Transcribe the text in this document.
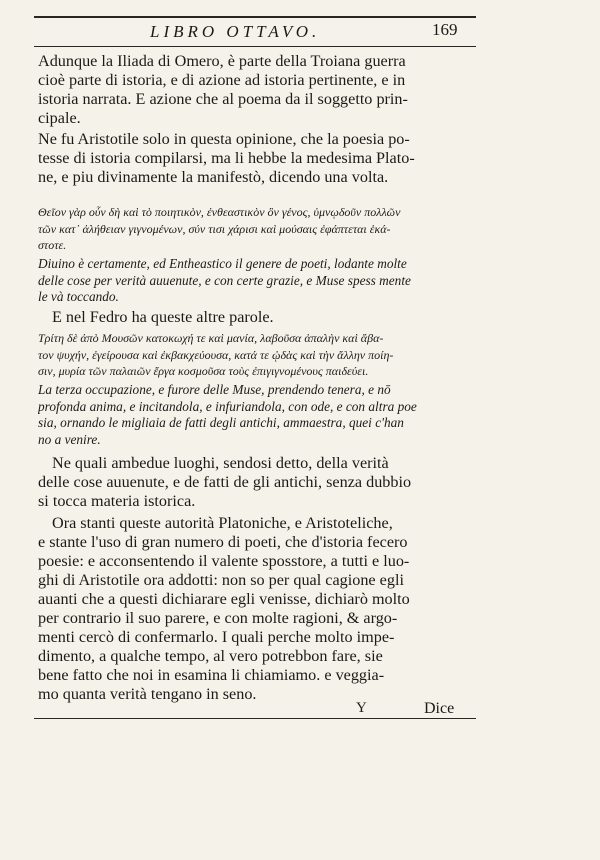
LIBRO OTTAVO.	169
Adunque la Iliada di Omero, è parte della Troiana guerra
cioè parte di istoria, e di azione ad istoria pertinente, e in
istoria narrata. E azione che al poema da il soggetto prin-
cipale.
Ne fu Aristotile solo in questa opinione, che la poesia po-
tesse di istoria compilarsi, ma li hebbe la medesima Plato-
ne, e piu divinamente la manifestò, dicendo una volta.
Θεῖον γὰρ οὖν δὴ καὶ τὸ ποιητικὸν, ἐνθεαστικὸν ὂν γένος, ὑμνῳδοῦν πολλῶν
τῶν κατ᾽ ἀλήθειαν γιγνομένων, σύν τισι χάρισι καὶ μούσαις ἐφάπτεται ἑκά-
στοτε.
Diuino è certamente, ed Entheastico il genere de poeti, lodante molte
delle cose per verità auuenute, e con certe grazie, e Muse spess mente
le và toccando.
E nel Fedro ha queste altre parole.
Τρίτη δὲ ἀπὸ Μουσῶν κατοκωχή τε καὶ μανία, λαβοῦσα ἁπαλὴν καὶ ἄβα-
τον ψυχήν, ἐγείρουσα καὶ ἐκβακχεύουσα, κατά τε ᾠδὰς καὶ τὴν ἄλλην ποίη-
σιν, μυρία τῶν παλαιῶν ἔργα κοσμοῦσα τοὺς ἐπιγιγνομένους παιδεύει.
La terza occupazione, e furore delle Muse, prendendo tenera, e nō
profonda anima, e incitandola, e infuriandola, con ode, e con altra poe
sia, ornando le migliaia de fatti degli antichi, ammaestra, quei c'han
no a venire.
Ne quali ambedue luoghi, sendosi detto, della verità
delle cose auuenute, e de fatti de gli antichi, senza dubbio
si tocca materia istorica.
Ora stanti queste autorità Platoniche, e Aristoteliche,
e stante l'uso di gran numero di poeti, che d'istoria fecero
poesie: e acconsentendo il valente sposstore, a tutti e luo-
ghi di Aristotile ora addotti: non so per qual cagione egli
auanti che a questi dichiarare egli venisse, dichiarò molto
per contrario il suo parere, e con molte ragioni, & argo-
menti cercò di confermarlo. I quali perche molto impe-
dimento, a qualche tempo, al vero potrebbon fare, sie
bene fatto che noi in esamina li chiamiamo. e veggia-
mo quanta verità tengano in seno.
Y	Dice
